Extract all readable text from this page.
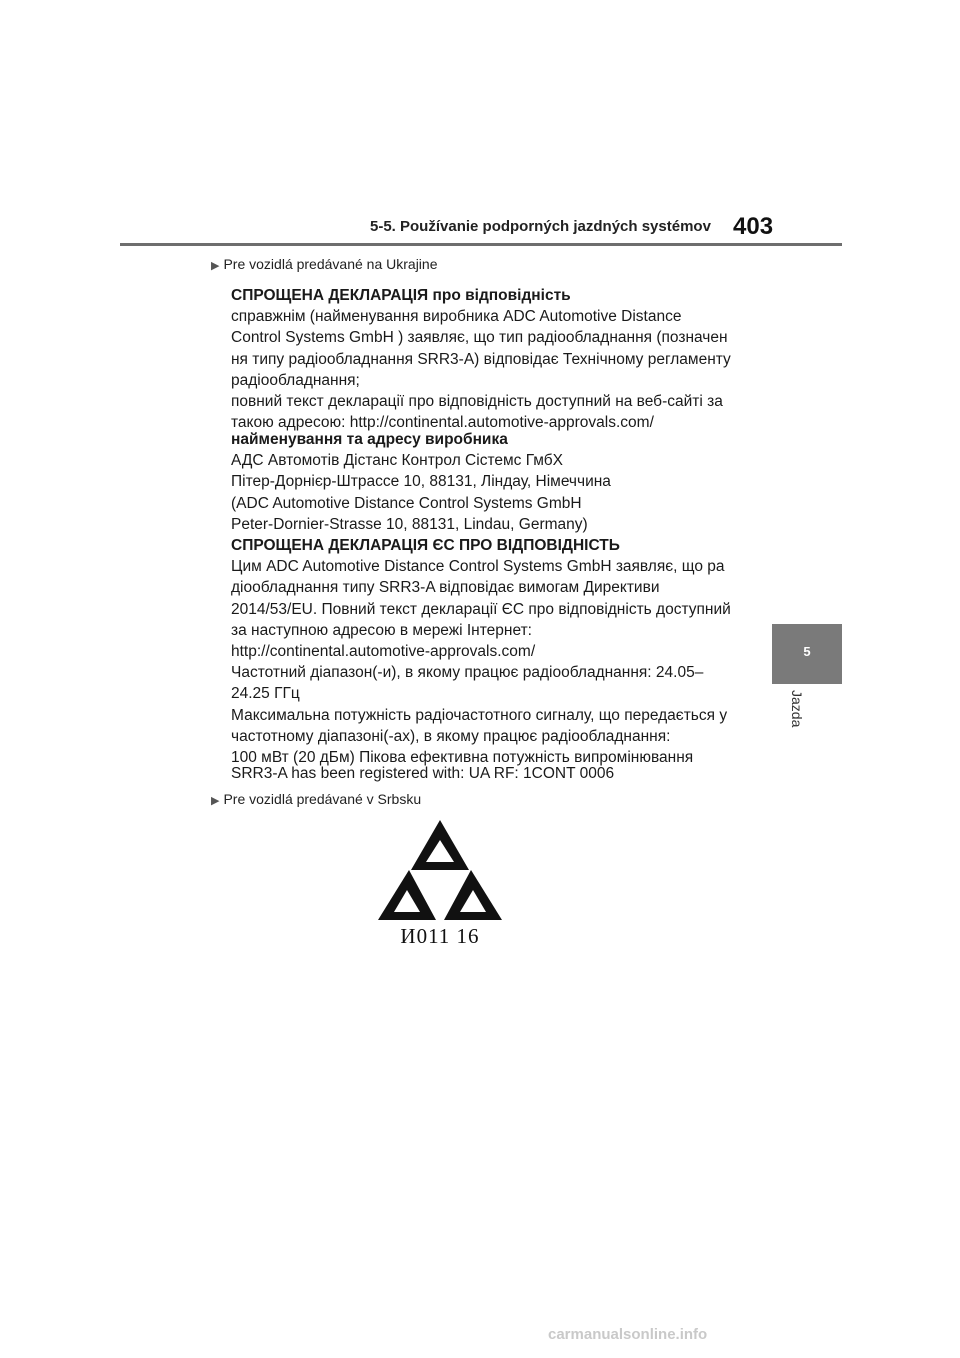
5-5. Používanie podporných jazdných systémov 403
5
Jazda
▶ Pre vozidlá predávané na Ukrajine
СПРОЩЕНА ДЕКЛАРАЦІЯ про відповідність
справжнім (найменування виробника ADC Automotive Distance
Control Systems GmbH ) заявляє, що тип радіообладнання (позначен
ня типу радіообладнання SRR3-A) відповідає Технічному регламенту
радіообладнання;
повний текст декларації про відповідність доступний на веб-сайті за
такою адресою: http://continental.automotive-approvals.com/
найменування та адресу виробника
АДС Автомотів Дістанс Контрол Сістемс ГмбХ
Пітер-Дорнієр-Штрассе 10, 88131, Ліндау, Німеччина
(ADC Automotive Distance Control Systems GmbH
Peter-Dornier-Strasse 10, 88131, Lindau, Germany)
СПРОЩЕНА ДЕКЛАРАЦІЯ ЄС ПРО ВІДПОВІДНІСТЬ
Цим ADC Automotive Distance Control Systems GmbH заявляє, що ра
діообладнання типу SRR3-A відповідає вимогам Директиви
2014/53/EU. Повний текст декларації ЄС про відповідність доступний
за наступною адресою в мережі Інтернет:
http://continental.automotive-approvals.com/
Частотний діапазон(-и), в якому працює радіообладнання: 24.05–
24.25 ГГц
Максимальна потужність радіочастотного сигналу, що передається у
частотному діапазоні(-ах), в якому працює радіообладнання:
100 мВт (20 дБм) Пікова ефективна потужність випромінювання
SRR3-A has been registered with: UA RF: 1CONT 0006
▶ Pre vozidlá predávané v Srbsku
И011 16
carmanualsonline.info
